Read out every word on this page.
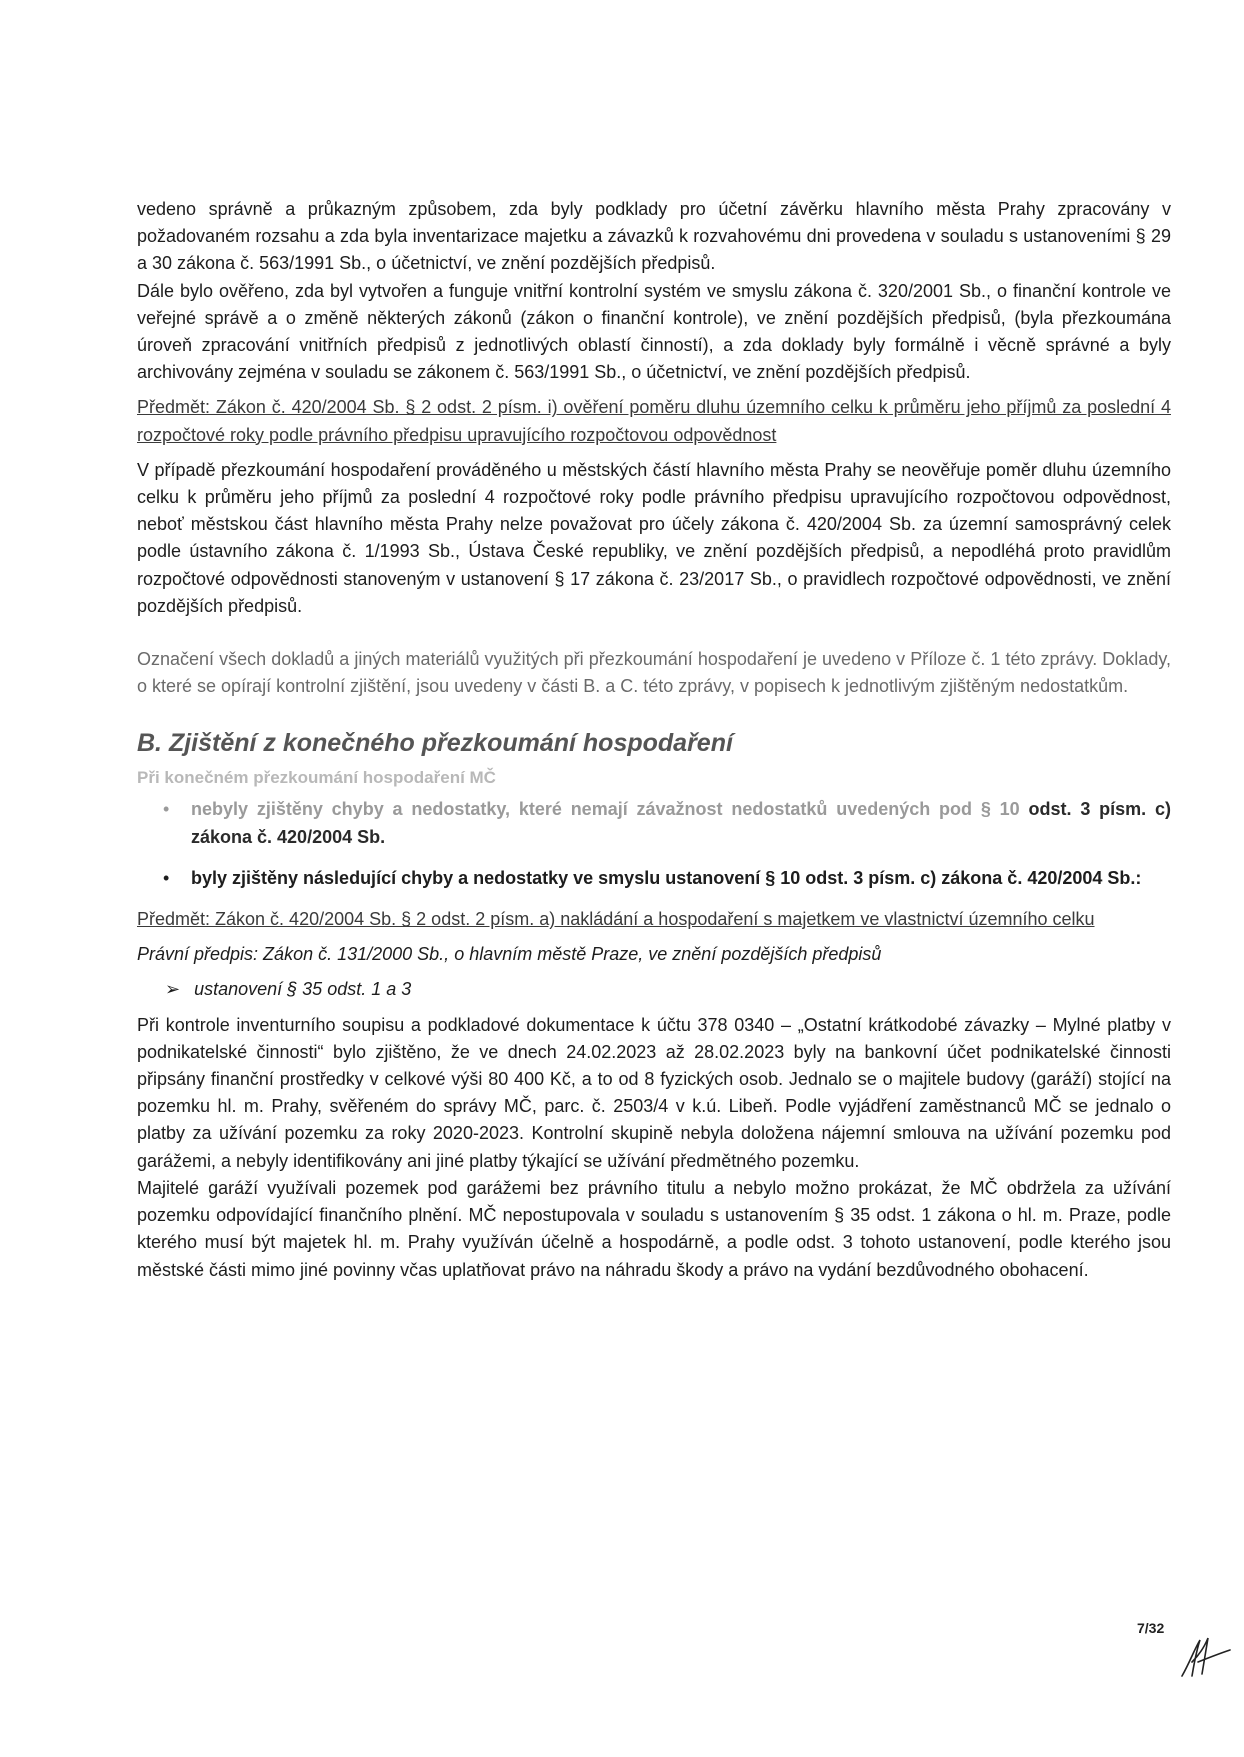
vedeno správně a průkazným způsobem, zda byly podklady pro účetní závěrku hlavního města Prahy zpracovány v požadovaném rozsahu a zda byla inventarizace majetku a závazků k rozvahovému dni provedena v souladu s ustanoveními § 29 a 30 zákona č. 563/1991 Sb., o účetnictví, ve znění pozdějších předpisů.

Dále bylo ověřeno, zda byl vytvořen a funguje vnitřní kontrolní systém ve smyslu zákona č. 320/2001 Sb., o finanční kontrole ve veřejné správě a o změně některých zákonů (zákon o finanční kontrole), ve znění pozdějších předpisů, (byla přezkoumána úroveň zpracování vnitřních předpisů z jednotlivých oblastí činností), a zda doklady byly formálně i věcně správné a byly archivovány zejména v souladu se zákonem č. 563/1991 Sb., o účetnictví, ve znění pozdějších předpisů.

Předmět: Zákon č. 420/2004 Sb. § 2 odst. 2 písm. i) ověření poměru dluhu územního celku k průměru jeho příjmů za poslední 4 rozpočtové roky podle právního předpisu upravujícího rozpočtovou odpovědnost

V případě přezkoumání hospodaření prováděného u městských částí hlavního města Prahy se neověřuje poměr dluhu územního celku k průměru jeho příjmů za poslední 4 rozpočtové roky podle právního předpisu upravujícího rozpočtovou odpovědnost, neboť městskou část hlavního města Prahy nelze považovat pro účely zákona č. 420/2004 Sb. za územní samosprávný celek podle ústavního zákona č. 1/1993 Sb., Ústava České republiky, ve znění pozdějších předpisů, a nepodléhá proto pravidlům rozpočtové odpovědnosti stanoveným v ustanovení § 17 zákona č. 23/2017 Sb., o pravidlech rozpočtové odpovědnosti, ve znění pozdějších předpisů.

Označení všech dokladů a jiných materiálů využitých při přezkoumání hospodaření je uvedeno v Příloze č. 1 této zprávy. Doklady, o které se opírají kontrolní zjištění, jsou uvedeny v části B. a C. této zprávy, v popisech k jednotlivým zjištěným nedostatkům.

B. Zjištění z konečného přezkoumání hospodaření
Při konečném přezkoumání hospodaření MČ
• nebyly zjištěny chyby a nedostatky, které nemají závažnost nedostatků uvedených pod § 10 odst. 3 písm. c) zákona č. 420/2004 Sb.
• byly zjištěny následující chyby a nedostatky ve smyslu ustanovení § 10 odst. 3 písm. c) zákona č. 420/2004 Sb.:

Předmět: Zákon č. 420/2004 Sb. § 2 odst. 2 písm. a) nakládání a hospodaření s majetkem ve vlastnictví územního celku

Právní předpis: Zákon č. 131/2000 Sb., o hlavním městě Praze, ve znění pozdějších předpisů

➢ ustanovení § 35 odst. 1 a 3

Při kontrole inventurního soupisu a podkladové dokumentace k účtu 378 0340 – „Ostatní krátkodobé závazky – Mylné platby v podnikatelské činnosti“ bylo zjištěno, že ve dnech 24.02.2023 až 28.02.2023 byly na bankovní účet podnikatelské činnosti připsány finanční prostředky v celkové výši 80 400 Kč, a to od 8 fyzických osob. Jednalo se o majitele budovy (garáží) stojící na pozemku hl. m. Prahy, svěřeném do správy MČ, parc. č. 2503/4 v k.ú. Libeň. Podle vyjádření zaměstnanců MČ se jednalo o platby za užívání pozemku za roky 2020-2023. Kontrolní skupině nebyla doložena nájemní smlouva na užívání pozemku pod garážemi, a nebyly identifikovány ani jiné platby týkající se užívání předmětného pozemku.

Majitelé garáží využívali pozemek pod garážemi bez právního titulu a nebylo možno prokázat, že MČ obdržela za užívání pozemku odpovídající finančního plnění. MČ nepostupovala v souladu s ustanovením § 35 odst. 1 zákona o hl. m. Praze, podle kterého musí být majetek hl. m. Prahy využíván účelně a hospodárně, a podle odst. 3 tohoto ustanovení, podle kterého jsou městské části mimo jiné povinny včas uplatňovat právo na náhradu škody a právo na vydání bezdůvodného obohacení.

7/32
